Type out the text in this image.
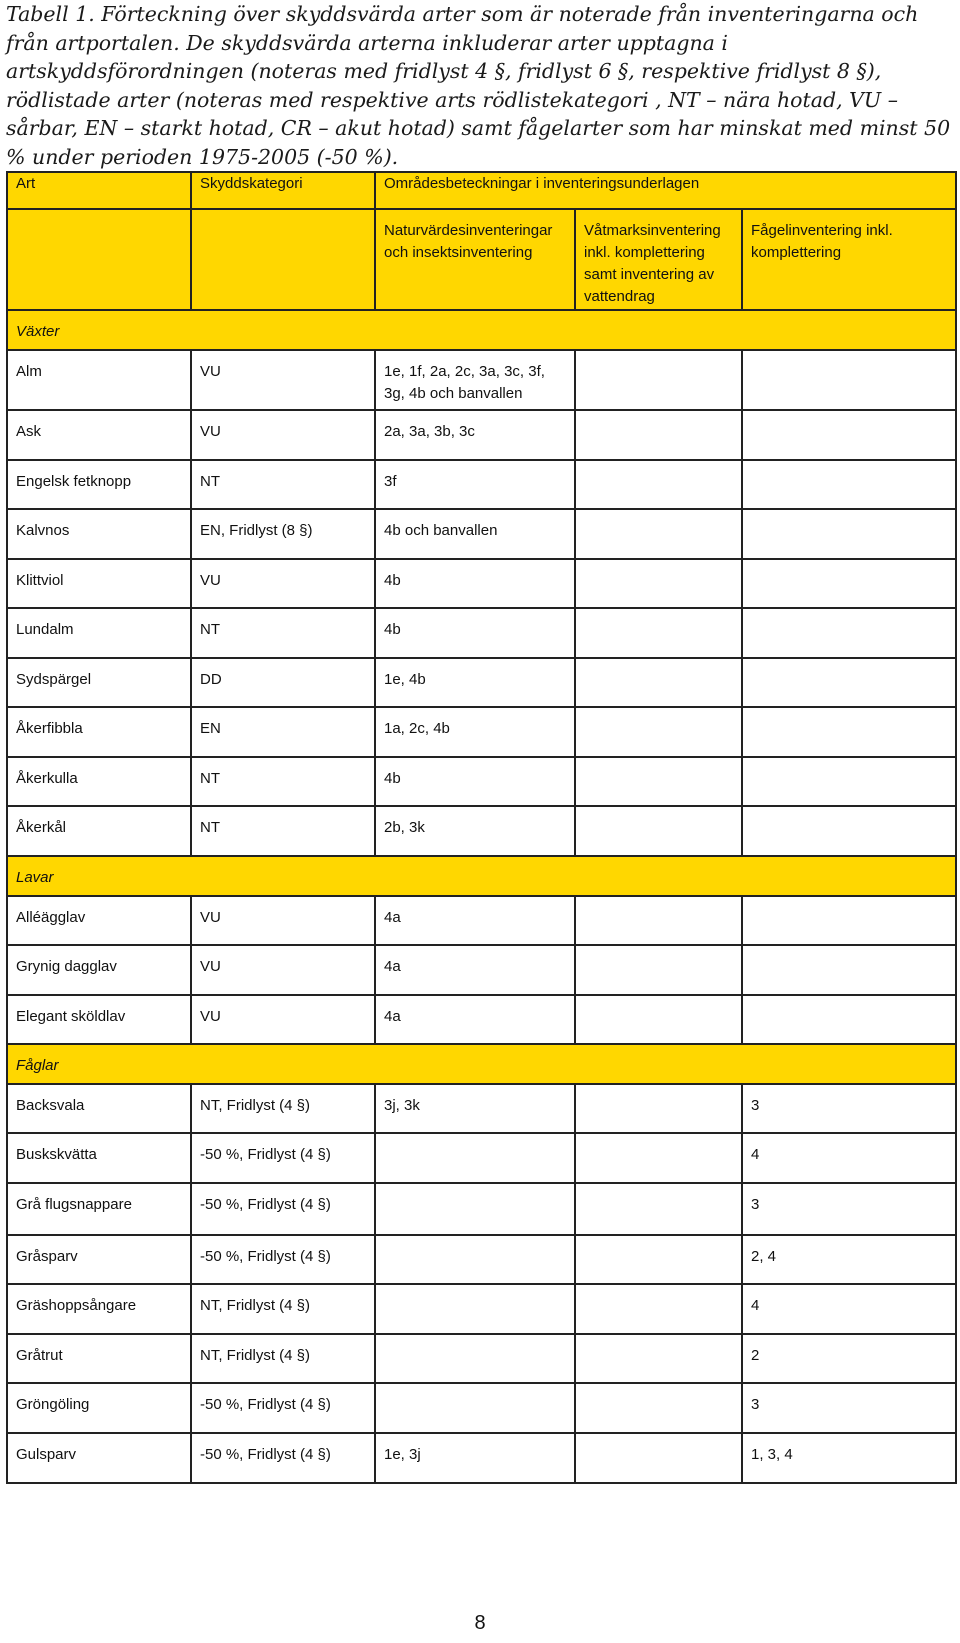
Tabell 1. Förteckning över skyddsvärda arter som är noterade från inventeringarna och från artportalen. De skyddsvärda arterna inkluderar arter upptagna i artskyddsförordningen (noteras med fridlyst 4 §, fridlyst 6 §, respektive fridlyst 8 §), rödlistade arter (noteras med respektive arts rödlistekategori , NT – nära hotad, VU – sårbar, EN – starkt hotad, CR – akut hotad) samt fågelarter som har minskat med minst 50 % under perioden 1975-2005 (-50 %).

Art	Skyddskategori	Områdesbeteckningar i inventeringsunderlagen		
		Naturvärdesinventeringar och insektsinventering	Våtmarksinventering inkl. komplettering samt inventering av vattendrag	Fågelinventering inkl. komplettering
Växter				
Alm	VU	1e, 1f, 2a, 2c, 3a, 3c, 3f, 3g, 4b och banvallen		
Ask	VU	2a, 3a, 3b, 3c		
Engelsk fetknopp	NT	3f		
Kalvnos	EN, Fridlyst (8 §)	4b och banvallen		
Klittviol	VU	4b		
Lundalm	NT	4b		
Sydspärgel	DD	1e, 4b		
Åkerfibbla	EN	1a, 2c, 4b		
Åkerkulla	NT	4b		
Åkerkål	NT	2b, 3k		
Lavar				
Alléägglav	VU	4a		
Grynig dagglav	VU	4a		
Elegant sköldlav	VU	4a		
Fåglar				
Backsvala	NT, Fridlyst (4 §)	3j, 3k		3
Buskskvätta	-50 %, Fridlyst (4 §)			4
Grå flugsnappare	-50 %, Fridlyst (4 §)			3
Gråsparv	-50 %, Fridlyst (4 §)			2, 4
Gräshoppsångare	NT, Fridlyst (4 §)			4
Gråtrut	NT, Fridlyst (4 §)			2
Gröngöling	-50 %, Fridlyst (4 §)			3
Gulsparv	-50 %, Fridlyst (4 §)	1e, 3j		1, 3, 4
8
